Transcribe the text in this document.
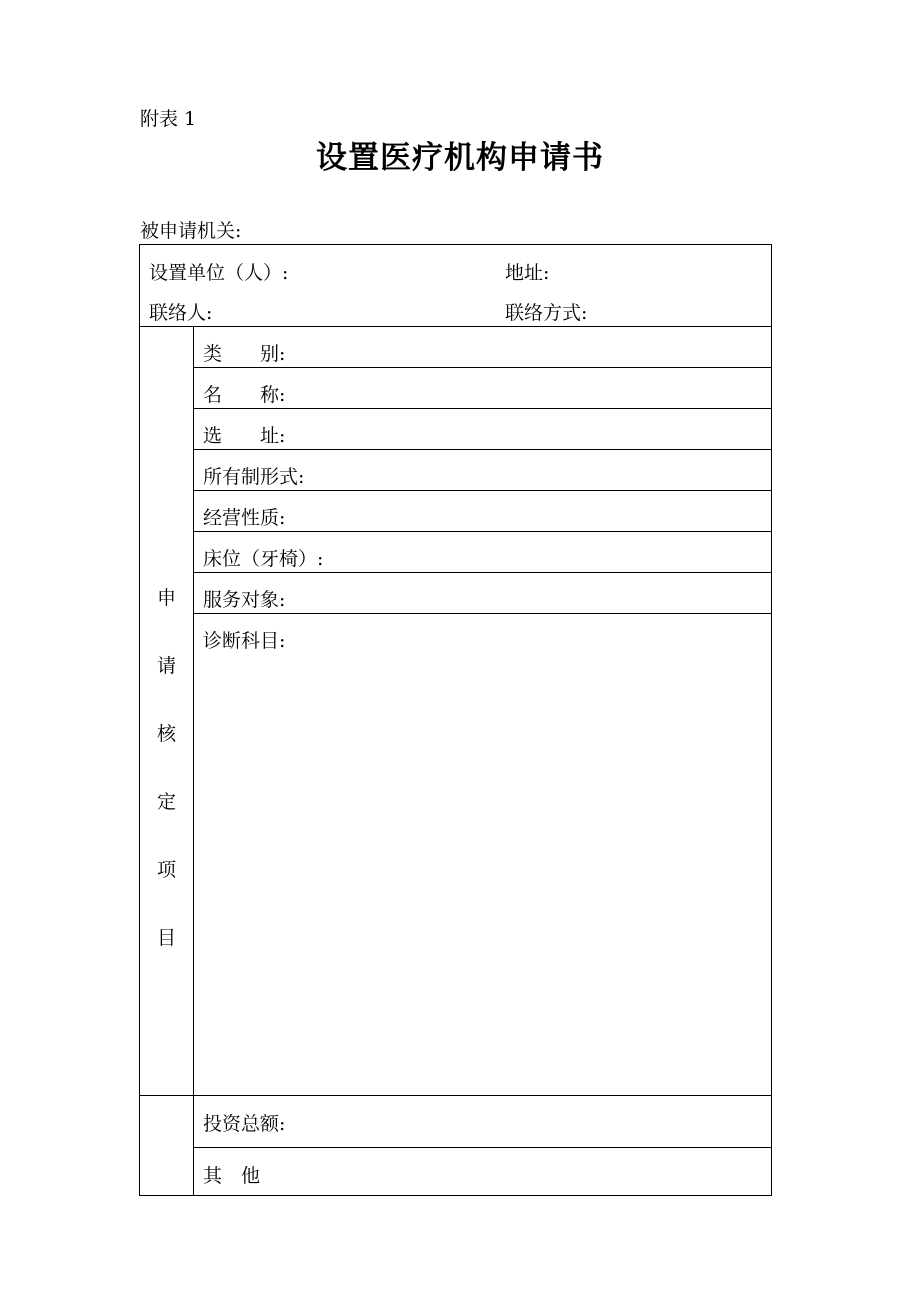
附表 1
设置医疗机构申请书
被申请机关:
设置单位（人）:	地址:
联络人:	联络方式:
申
请
核
定
项
目
类　　别:
名　　称:
选　　址:
所有制形式:
经营性质:
床位（牙椅）:
服务对象:
诊断科目:
投资总额:
其　他
